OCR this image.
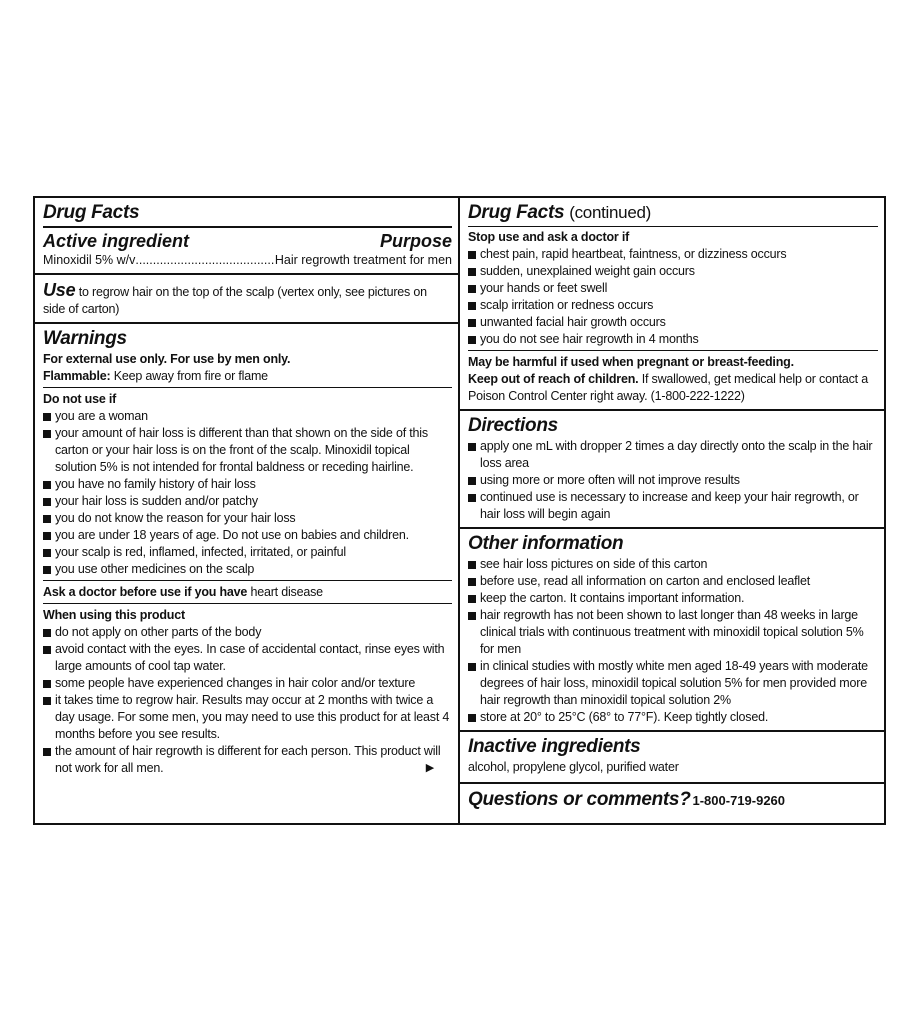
Drug Facts
Active ingredient	Purpose
Minoxidil 5% w/v
.....	Hair regrowth treatment for men
Use to regrow hair on the top of the scalp (vertex only, see pictures on side of carton)
Warnings
For external use only. For use by men only.
Flammable: Keep away from fire or flame
Do not use if
you are a woman
your amount of hair loss is different than that shown on the side of this carton or your hair loss is on the front of the scalp. Minoxidil topical solution 5% is not intended for frontal baldness or receding hairline.
you have no family history of hair loss
your hair loss is sudden and/or patchy
you do not know the reason for your hair loss
you are under 18 years of age. Do not use on babies and children.
your scalp is red, inflamed, infected, irritated, or painful
you use other medicines on the scalp
Ask a doctor before use if you have heart disease
When using this product
do not apply on other parts of the body
avoid contact with the eyes. In case of accidental contact, rinse eyes with large amounts of cool tap water.
some people have experienced changes in hair color and/or texture
it takes time to regrow hair. Results may occur at 2 months with twice a day usage. For some men, you may need to use this product for at least 4 months before you see results.
the amount of hair regrowth is different for each person. This product will not work for all men.	▶
Drug Facts (continued)
Stop use and ask a doctor if
chest pain, rapid heartbeat, faintness, or dizziness occurs
sudden, unexplained weight gain occurs
your hands or feet swell
scalp irritation or redness occurs
unwanted facial hair growth occurs
you do not see hair regrowth in 4 months
May be harmful if used when pregnant or breast-feeding.
Keep out of reach of children. If swallowed, get medical help or contact a Poison Control Center right away. (1-800-222-1222)
Directions
apply one mL with dropper 2 times a day directly onto the scalp in the hair loss area
using more or more often will not improve results
continued use is necessary to increase and keep your hair regrowth, or hair loss will begin again
Other information
see hair loss pictures on side of this carton
before use, read all information on carton and enclosed leaflet
keep the carton. It contains important information.
hair regrowth has not been shown to last longer than 48 weeks in large clinical trials with continuous treatment with minoxidil topical solution 5% for men
in clinical studies with mostly white men aged 18-49 years with moderate degrees of hair loss, minoxidil topical solution 5% for men provided more hair regrowth than minoxidil topical solution 2%
store at 20° to 25°C (68° to 77°F). Keep tightly closed.
Inactive ingredients
alcohol, propylene glycol, purified water
Questions or comments? 1-800-719-9260
